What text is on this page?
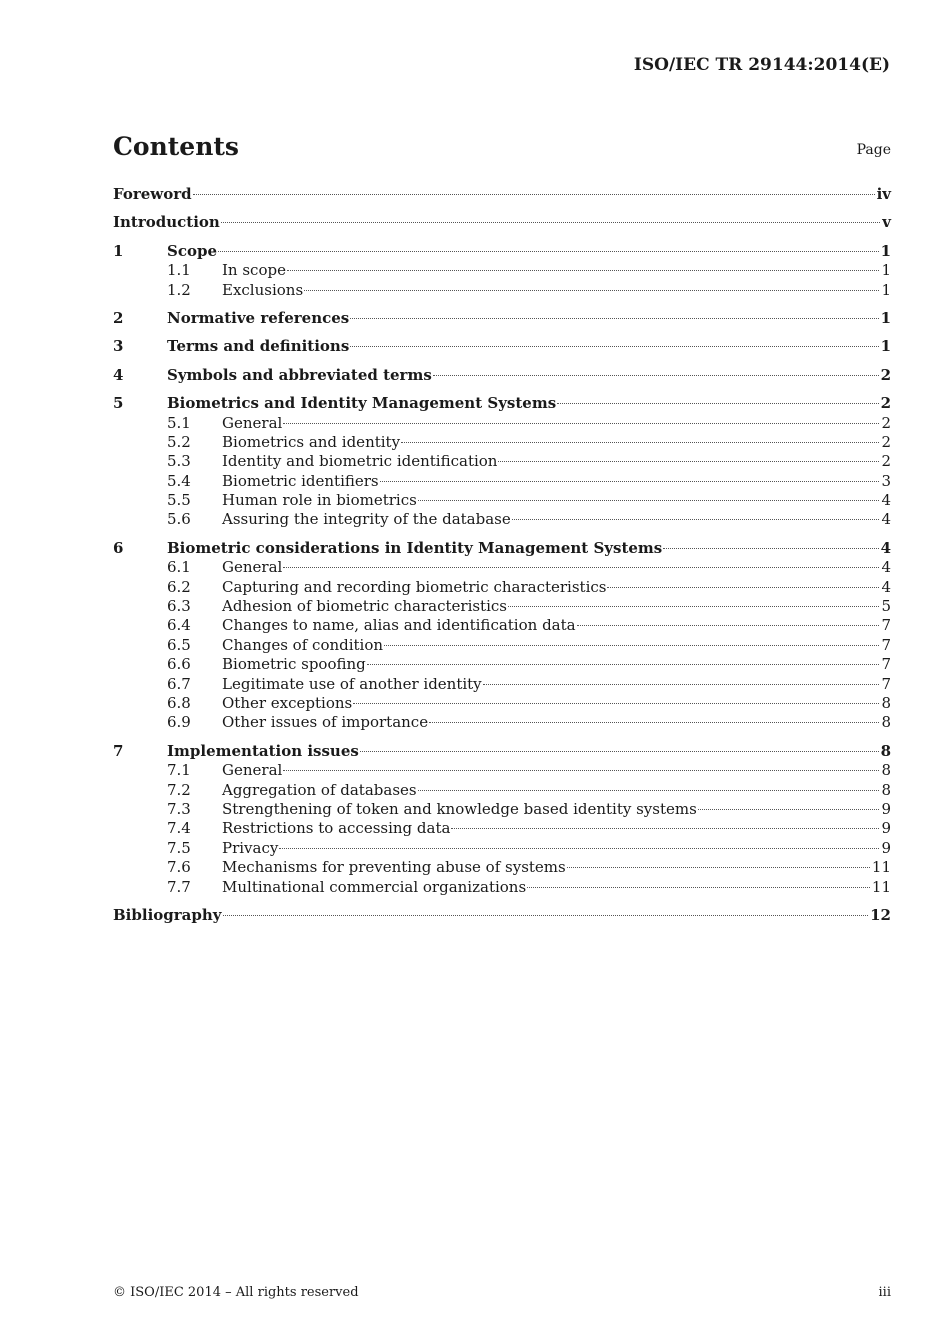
ISO/IEC TR 29144:2014(E)
Contents	Page
Foreword	iv
Introduction	v
1	Scope	1
1.1	In scope	1
1.2	Exclusions	1
2	Normative references	1
3	Terms and definitions	1
4	Symbols and abbreviated terms	2
5	Biometrics and Identity Management Systems	2
5.1	General	2
5.2	Biometrics and identity	2
5.3	Identity and biometric identification	2
5.4	Biometric identifiers	3
5.5	Human role in biometrics	4
5.6	Assuring the integrity of the database	4
6	Biometric considerations in Identity Management Systems	4
6.1	General	4
6.2	Capturing and recording biometric characteristics	4
6.3	Adhesion of biometric characteristics	5
6.4	Changes to name, alias and identification data	7
6.5	Changes of condition	7
6.6	Biometric spoofing	7
6.7	Legitimate use of another identity	7
6.8	Other exceptions	8
6.9	Other issues of importance	8
7	Implementation issues	8
7.1	General	8
7.2	Aggregation of databases	8
7.3	Strengthening of token and knowledge based identity systems	9
7.4	Restrictions to accessing data	9
7.5	Privacy	9
7.6	Mechanisms for preventing abuse of systems	11
7.7	Multinational commercial organizations	11
Bibliography	12
© ISO/IEC 2014 – All rights reserved	iii
